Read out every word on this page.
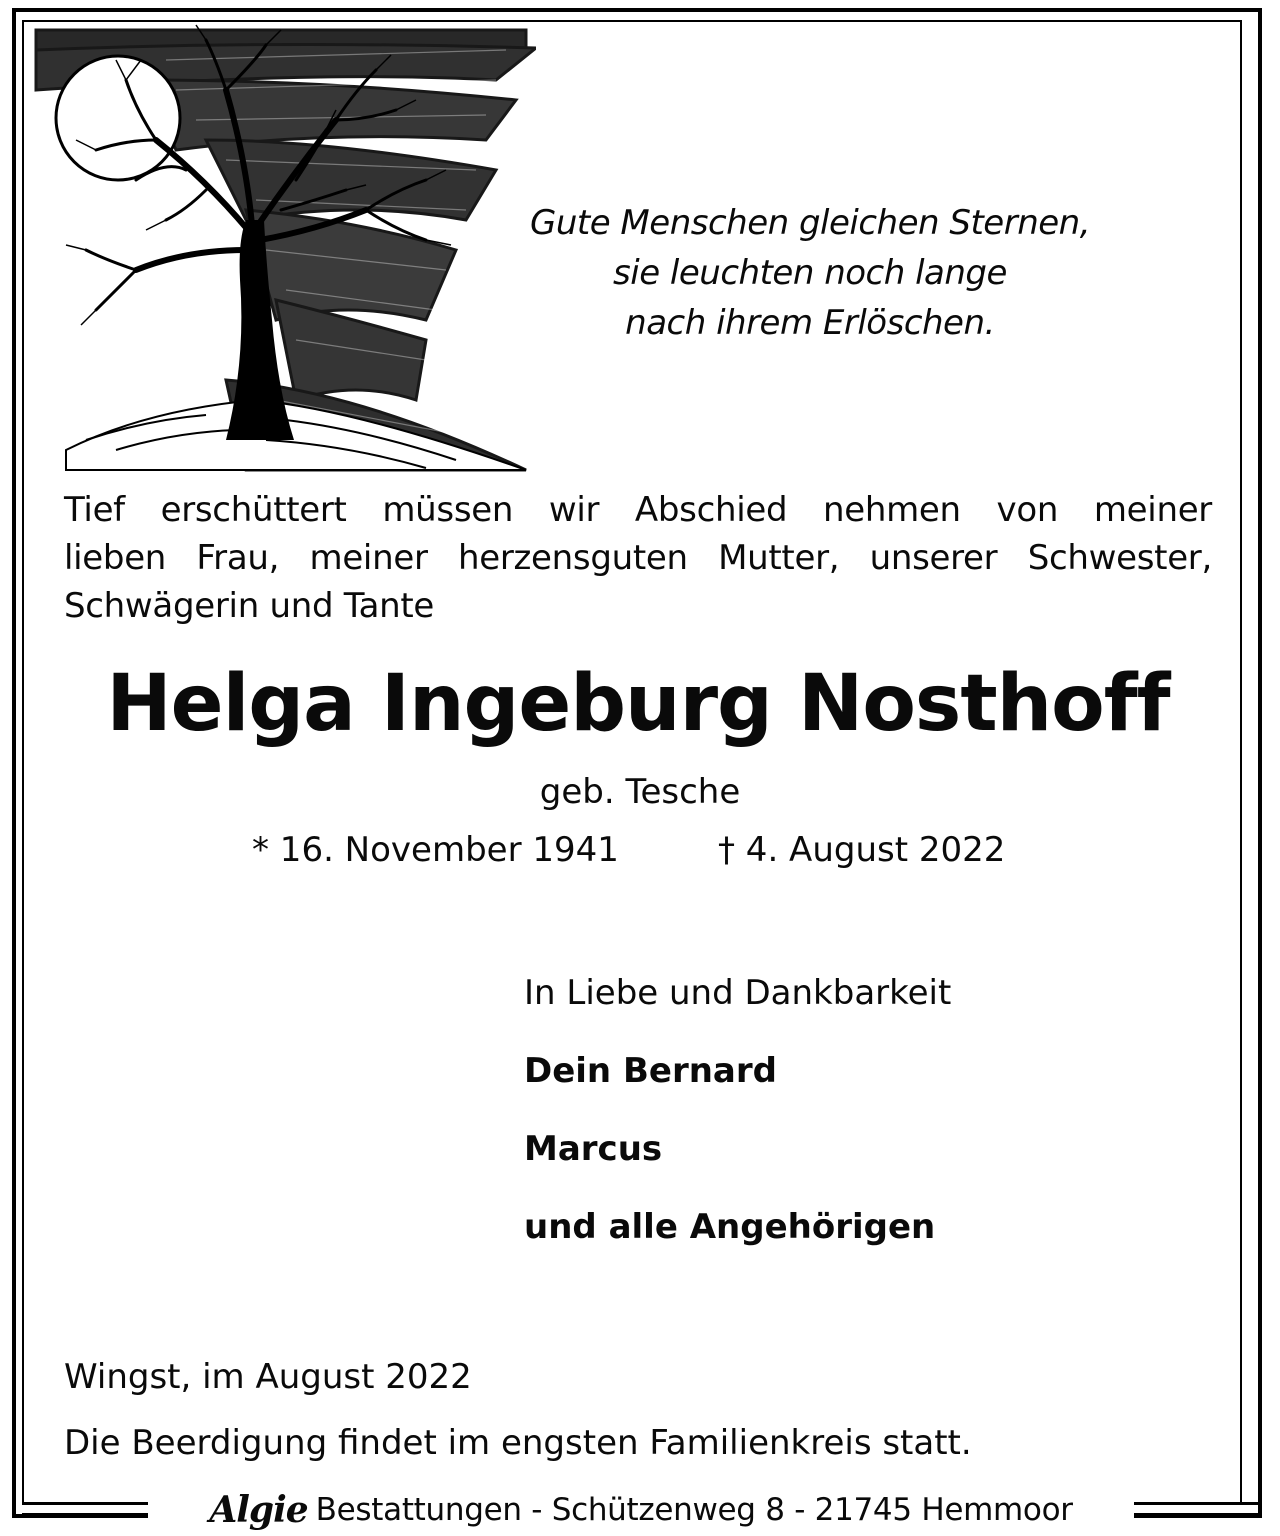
Gute Menschen gleichen Sternen,
sie leuchten noch lange
nach ihrem Erlöschen.
Tief erschüttert müssen wir Abschied nehmen von meiner
lieben Frau, meiner herzensguten Mutter, unserer Schwester,
Schwägerin und Tante
Helga Ingeburg Nosthoff
geb. Tesche
* 16. November 1941	† 4. August 2022
In Liebe und Dankbarkeit
Dein Bernard
Marcus
und alle Angehörigen
Wingst, im August 2022
Die Beerdigung findet im engsten Familienkreis statt.
Algie Bestattungen - Schützenweg 8 - 21745 Hemmoor
